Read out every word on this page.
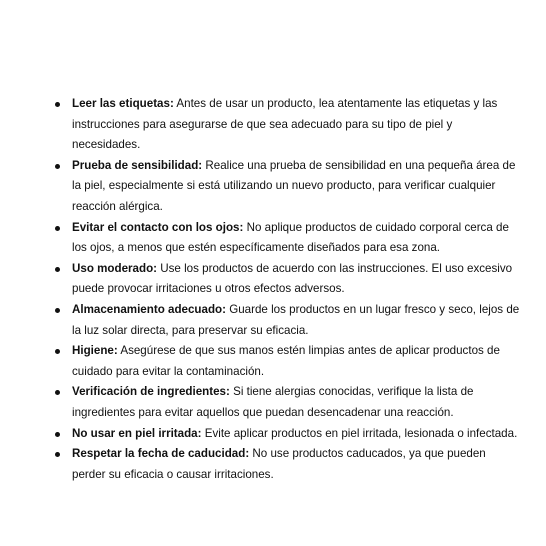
Leer las etiquetas: Antes de usar un producto, lea atentamente las etiquetas y las instrucciones para asegurarse de que sea adecuado para su tipo de piel y necesidades.
Prueba de sensibilidad: Realice una prueba de sensibilidad en una pequeña área de la piel, especialmente si está utilizando un nuevo producto, para verificar cualquier reacción alérgica.
Evitar el contacto con los ojos: No aplique productos de cuidado corporal cerca de los ojos, a menos que estén específicamente diseñados para esa zona.
Uso moderado: Use los productos de acuerdo con las instrucciones. El uso excesivo puede provocar irritaciones u otros efectos adversos.
Almacenamiento adecuado: Guarde los productos en un lugar fresco y seco, lejos de la luz solar directa, para preservar su eficacia.
Higiene: Asegúrese de que sus manos estén limpias antes de aplicar productos de cuidado para evitar la contaminación.
Verificación de ingredientes: Si tiene alergias conocidas, verifique la lista de ingredientes para evitar aquellos que puedan desencadenar una reacción.
No usar en piel irritada: Evite aplicar productos en piel irritada, lesionada o infectada.
Respetar la fecha de caducidad: No use productos caducados, ya que pueden perder su eficacia o causar irritaciones.
